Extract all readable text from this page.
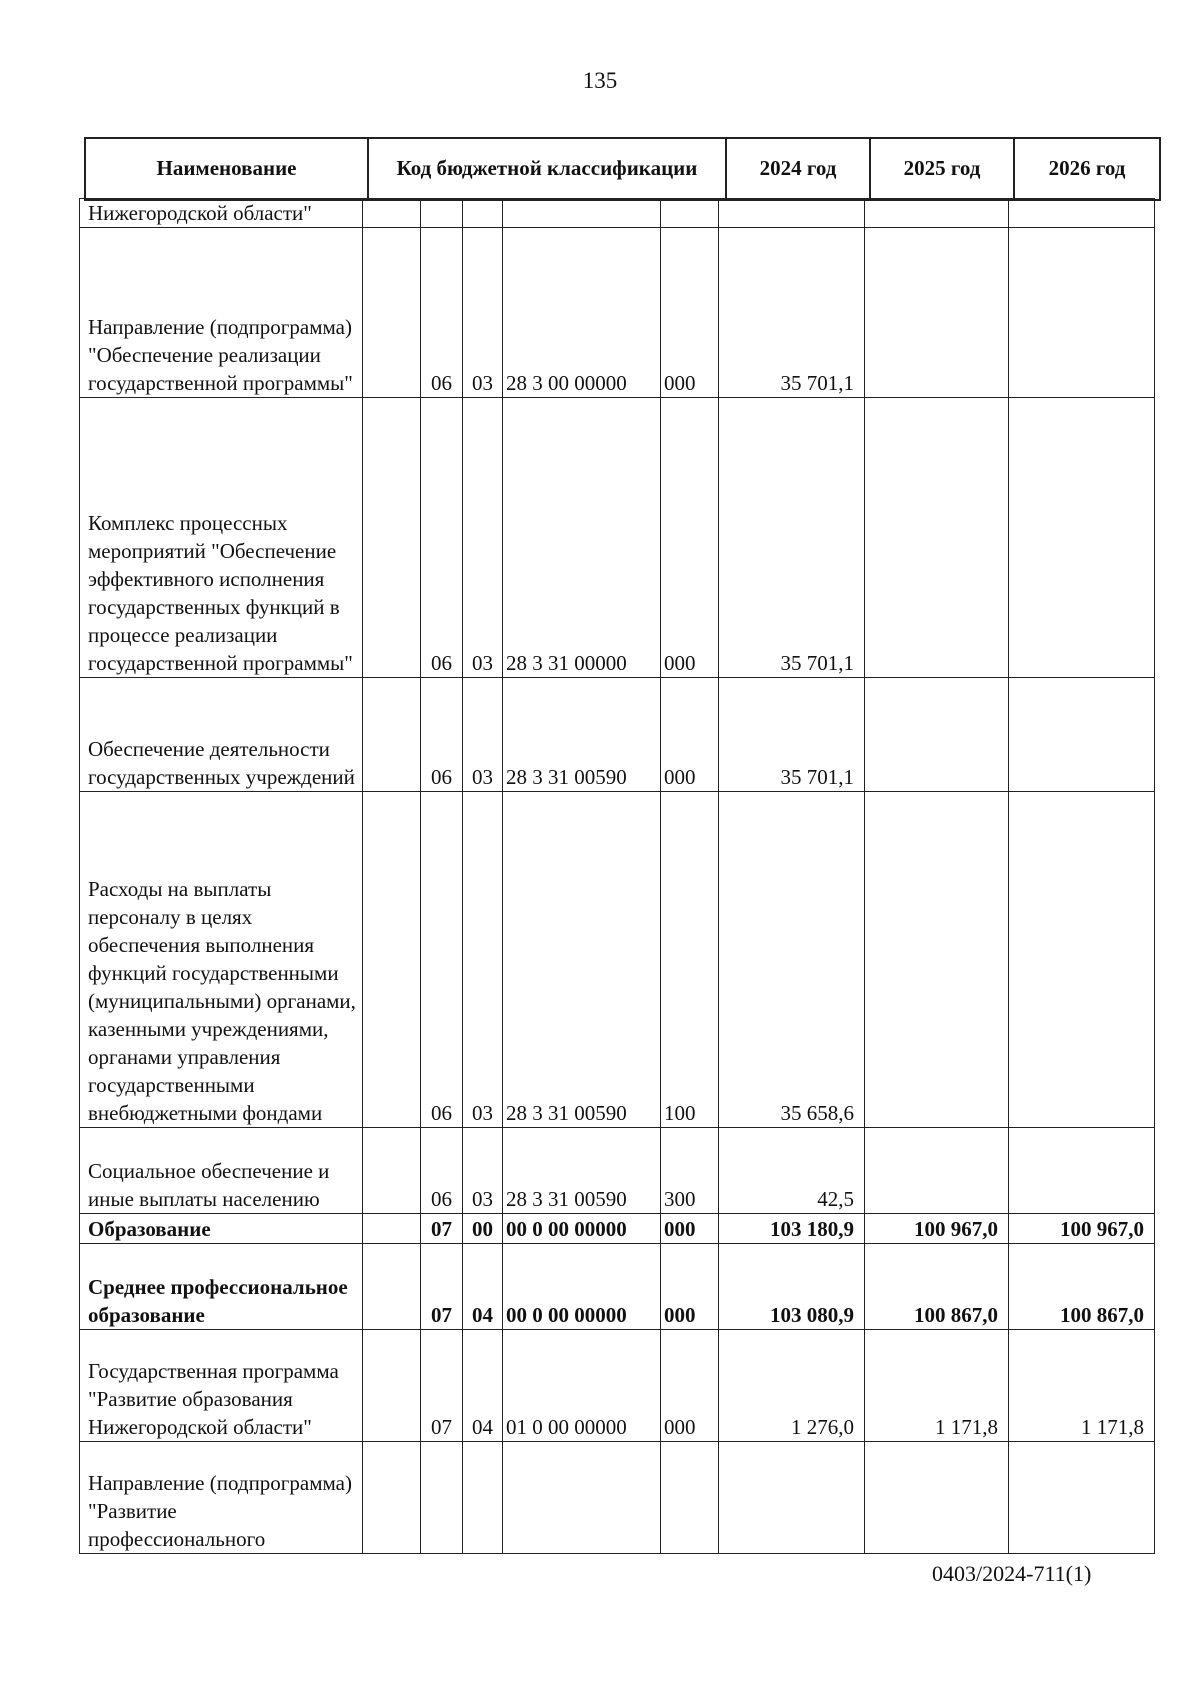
135
Наименование	Код бюджетной классификации	2024 год	2025 год	2026 год
Нижегородской области"								
Направление (подпрограмма) "Обеспечение реализации государственной программы"		06	03	28 3 00 00000	000	35 701,1		
Комплекс процессных мероприятий "Обеспечение эффективного исполнения государственных функций в процессе реализации государственной программы"		06	03	28 3 31 00000	000	35 701,1		
Обеспечение деятельности государственных учреждений		06	03	28 3 31 00590	000	35 701,1		
Расходы на выплаты персоналу в целях обеспечения выполнения функций государственными (муниципальными) органами, казенными учреждениями, органами управления государственными внебюджетными фондами		06	03	28 3 31 00590	100	35 658,6		
Социальное обеспечение и иные выплаты населению		06	03	28 3 31 00590	300	42,5		
Образование		07	00	00 0 00 00000	000	103 180,9	100 967,0	100 967,0
Среднее профессиональное образование		07	04	00 0 00 00000	000	103 080,9	100 867,0	100 867,0
Государственная программа "Развитие образования Нижегородской области"		07	04	01 0 00 00000	000	1 276,0	1 171,8	1 171,8
Направление (подпрограмма) "Развитие профессионального								
0403/2024-711(1)
